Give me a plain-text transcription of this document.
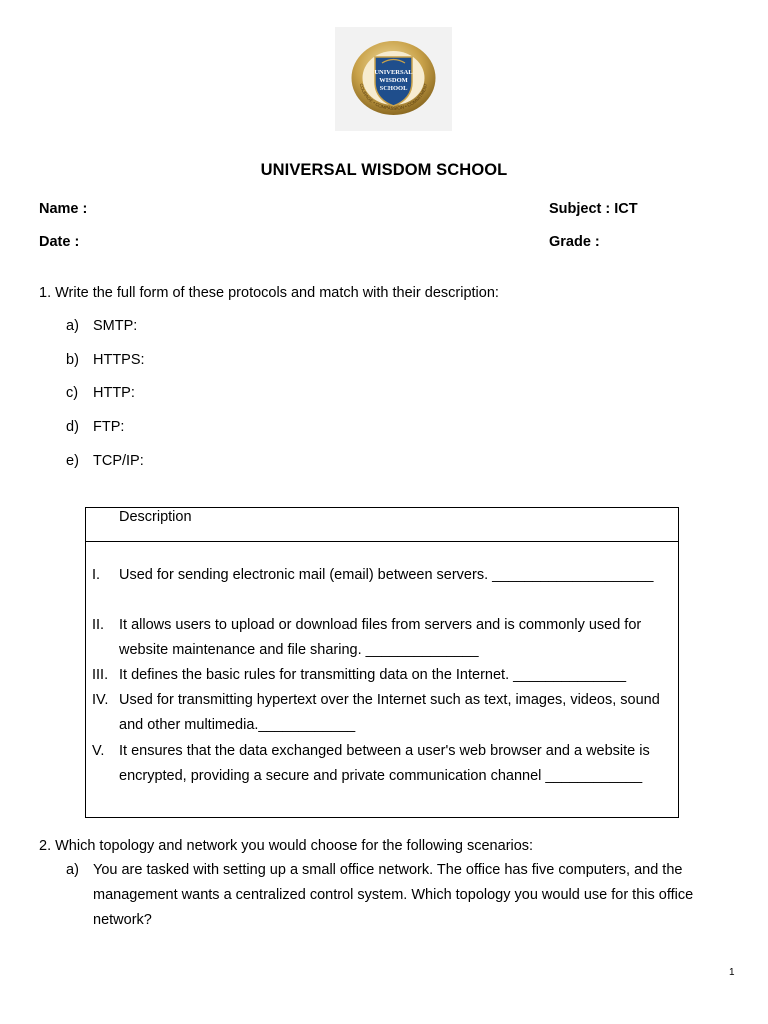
UNIVERSAL
WISDOM
SCHOOL
COURAGE • COMPASSION • COMMITMENT
UNIVERSAL WISDOM SCHOOL
Name :	Subject : ICT
Date :	Grade :
1. Write the full form of these protocols and match with their description:
a) SMTP:
b) HTTPS:
c) HTTP:
d) FTP:
e) TCP/IP:
Description
I. Used for sending electronic mail (email) between servers. ____________________
II. It allows users to upload or download files from servers and is commonly used for website maintenance and file sharing. ______________
III. It defines the basic rules for transmitting data on the Internet. ______________
IV. Used for transmitting hypertext over the Internet such as text, images, videos, sound and other multimedia.____________
V. It ensures that the data exchanged between a user's web browser and a website is encrypted, providing a secure and private communication channel ____________
2. Which topology and network you would choose for the following scenarios:
a) You are tasked with setting up a small office network. The office has five computers, and the management wants a centralized control system. Which topology you would use for this office network?
1
